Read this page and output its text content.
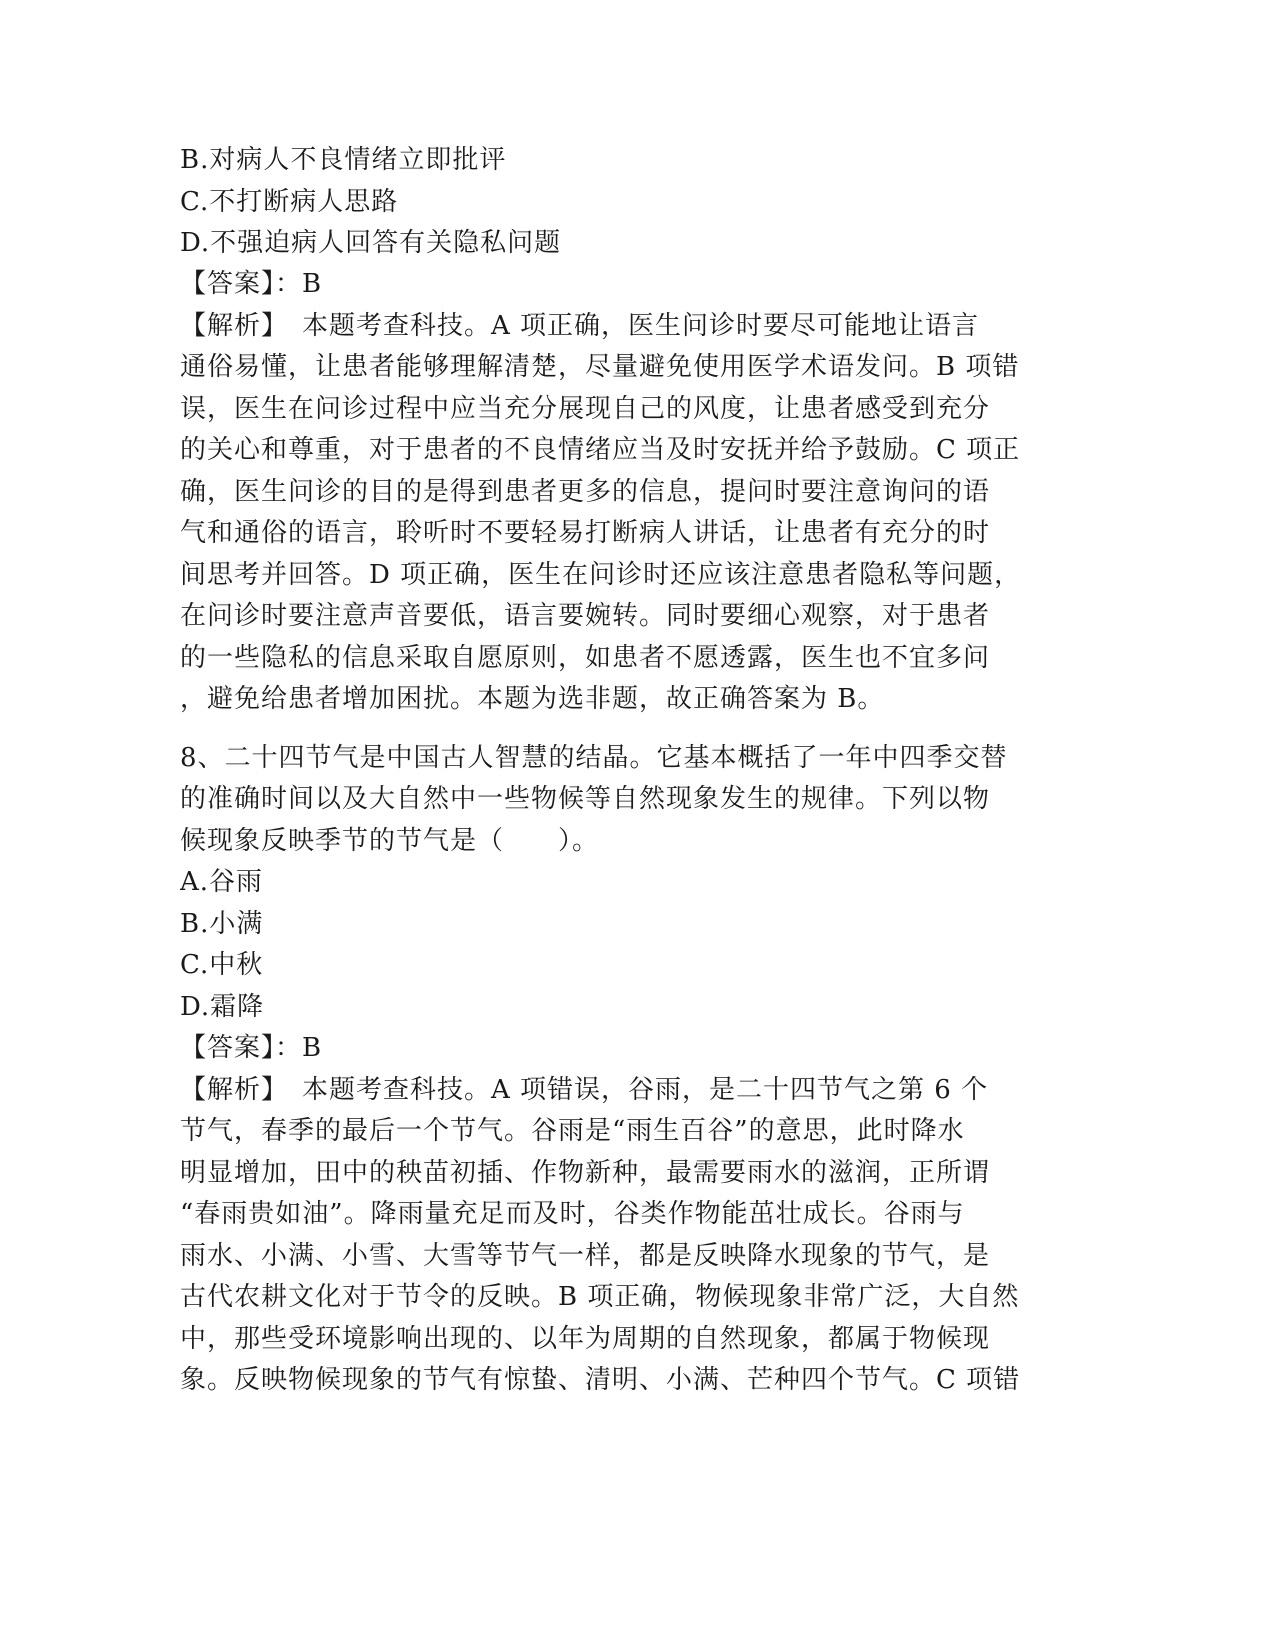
B.对病人不良情绪立即批评
C.不打断病人思路
D.不强迫病人回答有关隐私问题
【答案】：B
【解析】　本题考查科技。A 项正确，医生问诊时要尽可能地让语言
通俗易懂，让患者能够理解清楚，尽量避免使用医学术语发问。B 项错
误，医生在问诊过程中应当充分展现自己的风度，让患者感受到充分
的关心和尊重，对于患者的不良情绪应当及时安抚并给予鼓励。C 项正
确，医生问诊的目的是得到患者更多的信息，提问时要注意询问的语
气和通俗的语言，聆听时不要轻易打断病人讲话，让患者有充分的时
间思考并回答。D 项正确，医生在问诊时还应该注意患者隐私等问题，
在问诊时要注意声音要低，语言要婉转。同时要细心观察，对于患者
的一些隐私的信息采取自愿原则，如患者不愿透露，医生也不宜多问
，避免给患者增加困扰。本题为选非题，故正确答案为 B。
8、二十四节气是中国古人智慧的结晶。它基本概括了一年中四季交替
的准确时间以及大自然中一些物候等自然现象发生的规律。下列以物
候现象反映季节的节气是（　　）。
A.谷雨
B.小满
C.中秋
D.霜降
【答案】：B
【解析】　本题考查科技。A 项错误，谷雨，是二十四节气之第 6 个
节气，春季的最后一个节气。谷雨是“雨生百谷”的意思，此时降水
明显增加，田中的秧苗初插、作物新种，最需要雨水的滋润，正所谓
“春雨贵如油”。降雨量充足而及时，谷类作物能茁壮成长。谷雨与
雨水、小满、小雪、大雪等节气一样，都是反映降水现象的节气，是
古代农耕文化对于节令的反映。B 项正确，物候现象非常广泛，大自然
中，那些受环境影响出现的、以年为周期的自然现象，都属于物候现
象。反映物候现象的节气有惊蛰、清明、小满、芒种四个节气。C 项错
